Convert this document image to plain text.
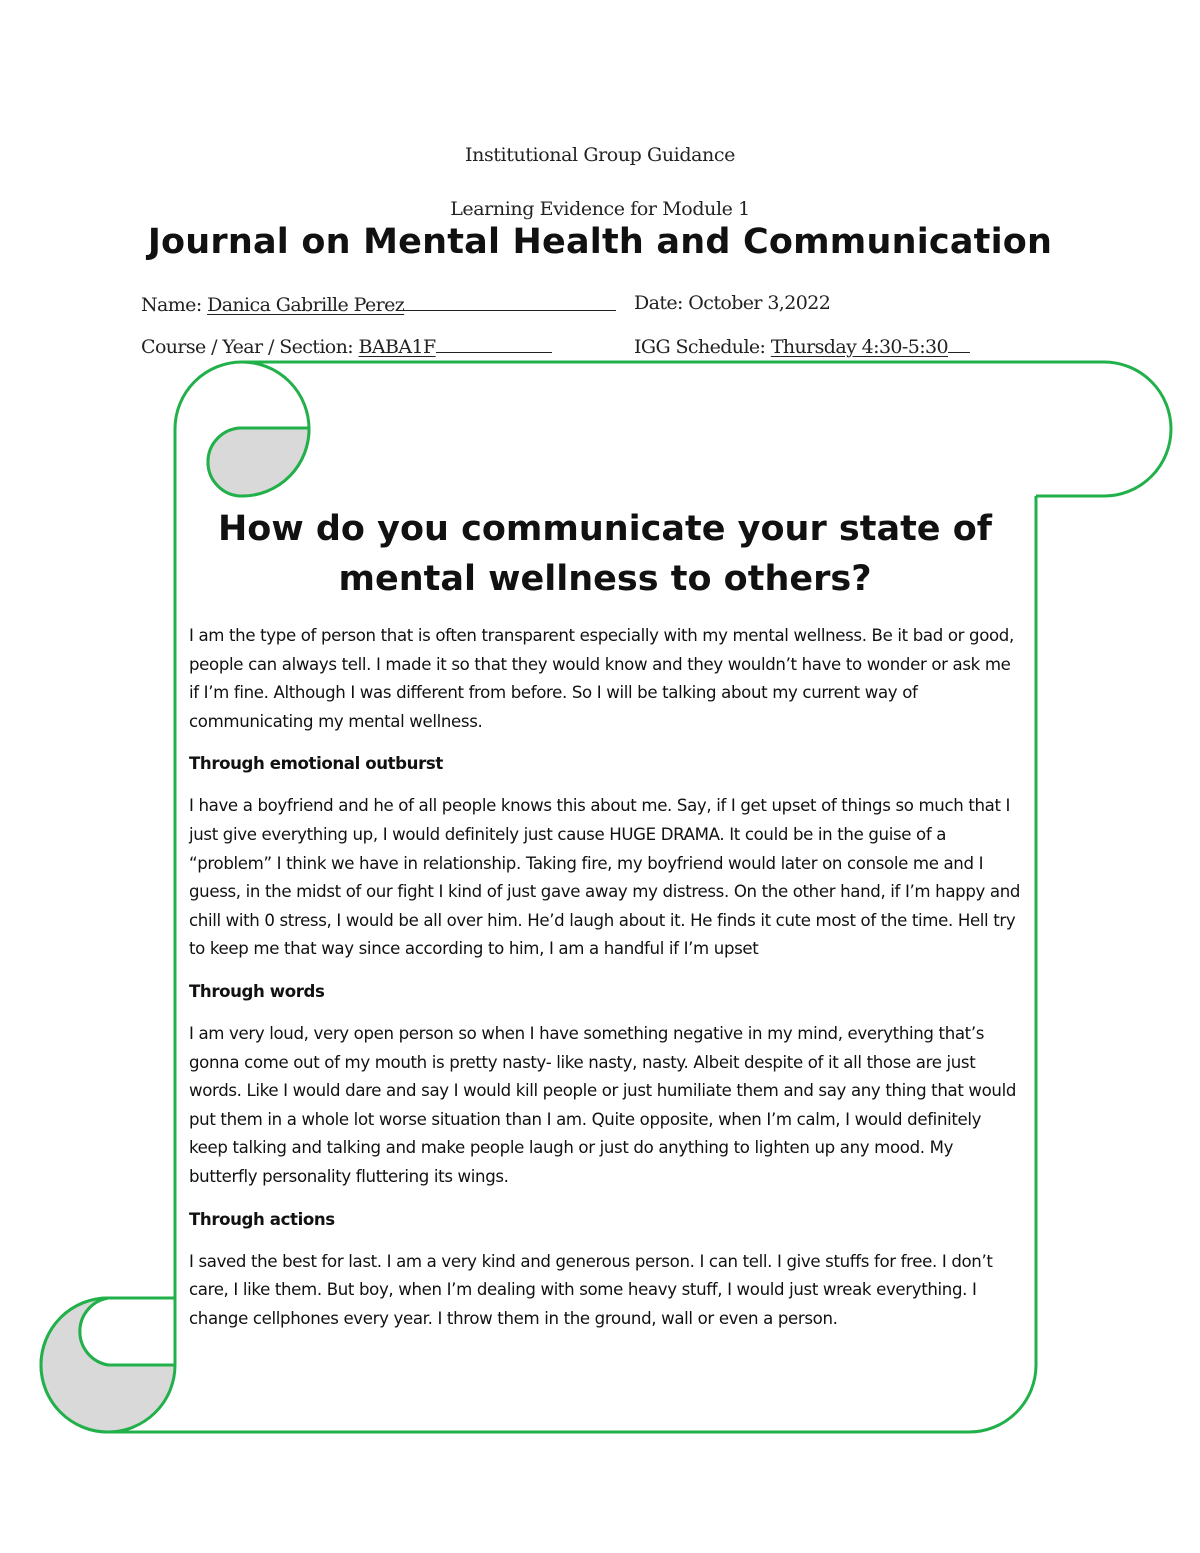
Institutional Group Guidance
Learning Evidence for Module 1
Journal on Mental Health and Communication
Name: Danica Gabrille Perez	Date: October 3,2022
Course / Year / Section: BABA1F	IGG Schedule: Thursday 4:30-5:30
How do you communicate your state of mental wellness to others?

I am the type of person that is often transparent especially with my mental wellness. Be it bad or good, people can always tell. I made it so that they would know and they wouldn’t have to wonder or ask me if I’m fine. Although I was different from before. So I will be talking about my current way of communicating my mental wellness.

Through emotional outburst

I have a boyfriend and he of all people knows this about me. Say, if I get upset of things so much that I just give everything up, I would definitely just cause HUGE DRAMA. It could be in the guise of a “problem” I think we have in relationship. Taking fire, my boyfriend would later on console me and I guess, in the midst of our fight I kind of just gave away my distress. On the other hand, if I’m happy and chill with 0 stress, I would be all over him. He’d laugh about it. He finds it cute most of the time. Hell try to keep me that way since according to him, I am a handful if I’m upset

Through words

I am very loud, very open person so when I have something negative in my mind, everything that’s gonna come out of my mouth is pretty nasty- like nasty, nasty. Albeit despite of it all those are just words. Like I would dare and say I would kill people or just humiliate them and say any thing that would put them in a whole lot worse situation than I am. Quite opposite, when I’m calm, I would definitely keep talking and talking and make people laugh or just do anything to lighten up any mood. My butterfly personality fluttering its wings.

Through actions

I saved the best for last. I am a very kind and generous person. I can tell. I give stuffs for free. I don’t care, I like them. But boy, when I’m dealing with some heavy stuff, I would just wreak everything. I change cellphones every year. I throw them in the ground, wall or even a person.
